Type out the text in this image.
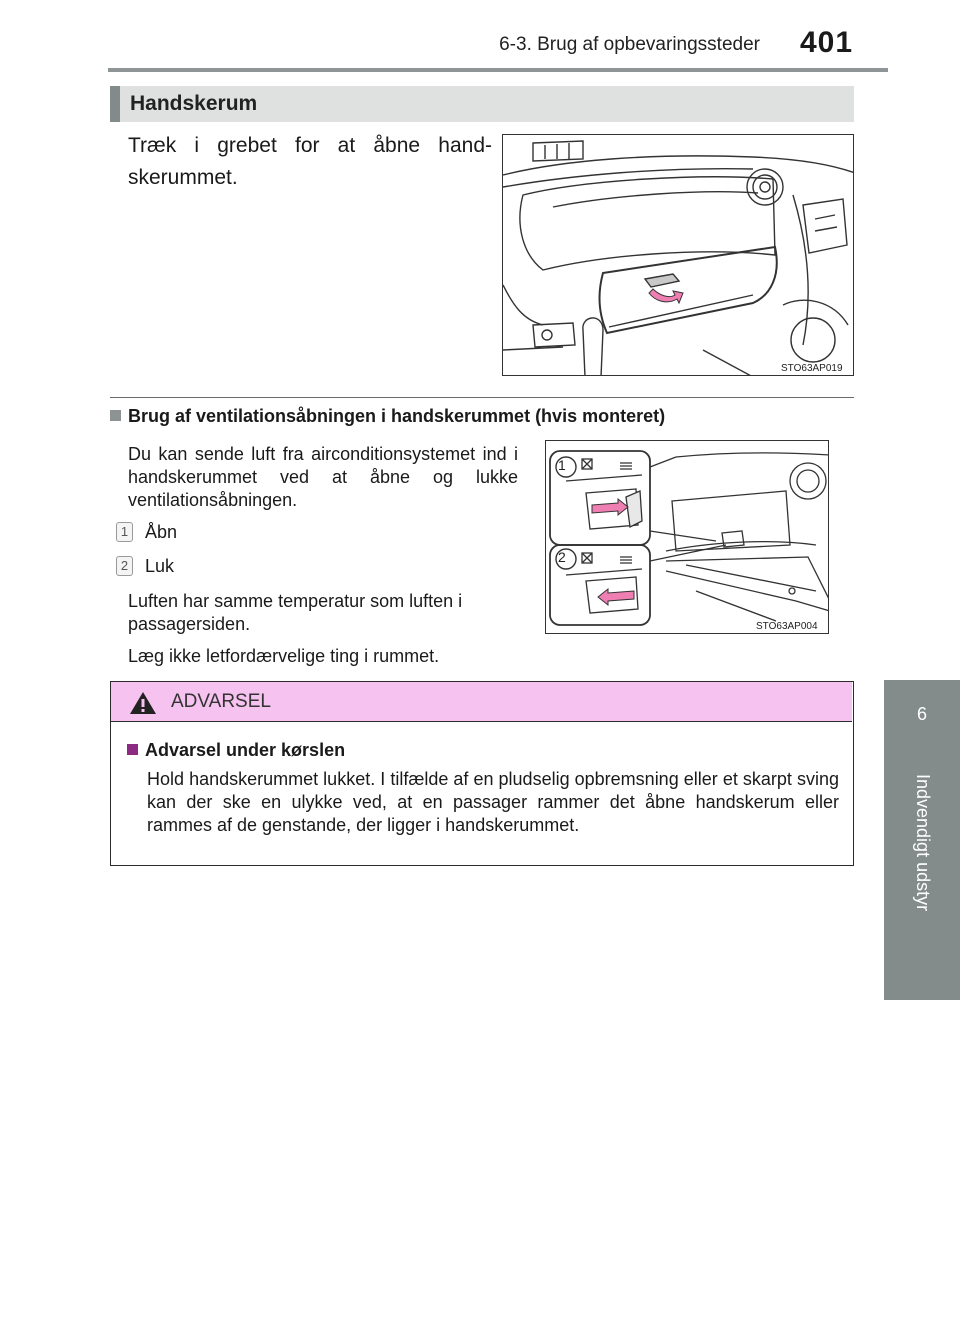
6-3. Brug af opbevaringssteder 401
6
Indvendigt udstyr
Handskerum
Træk i grebet for at åbne hand-skerummet.
STO63AP019
Brug af ventilationsåbningen i handskerummet (hvis monteret)
Du kan sende luft fra airconditionsystemet ind i handskerummet ved at åbne og lukke ventilationsåbningen.
1 Åbn
2 Luk
Luften har samme temperatur som luften i passagersiden.
Læg ikke letfordærvelige ting i rummet.
1
2
STO63AP004
ADVARSEL
Advarsel under kørslen
Hold handskerummet lukket. I tilfælde af en pludselig opbremsning eller et skarpt sving kan der ske en ulykke ved, at en passager rammer det åbne handskerum eller rammes af de genstande, der ligger i handskerummet.
